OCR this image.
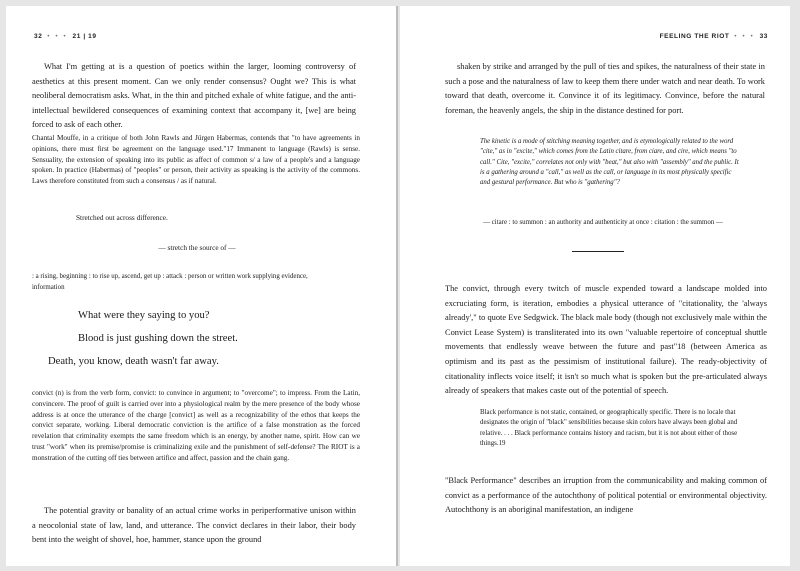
32 • • • 21 | 19

What I'm getting at is a question of poetics within the larger, looming controversy of aesthetics at this present moment. Can we only render consensus? Ought we? This is what neoliberal democratism asks. What, in the thin and pitched exhale of white fatigue, and the anti-intellectual bewildered consequences of examining context that accompany it, [we] are being forced to ask of each other.

Chantal Mouffe, in a critique of both John Rawls and Jürgen Habermas, contends that "to have agreements in opinions, there must first be agreement on the language used."17 Immanent to language (Rawls) is sense. Sensuality, the extension of speaking into its public as affect of common s/ a law of a people's and a language spoken. In practice (Habermas) of "peoples" or person, their activity as speaking is the activity of the commons. Laws therefore constituted from such a consensus / as if natural.

Stretched out across difference.

— stretch the source of —

: a rising, beginning : to rise up, ascend, get up : attack : person or written work supplying evidence, information

What were they saying to you?

Blood is just gushing down the street.

Death, you know, death wasn't far away.

convict (n) is from the verb form, convict: to convince in argument; to "overcome"; to impress. From the Latin, convincere. The proof of guilt is carried over into a physiological realm by the mere presence of the body whose address is at once the utterance of the charge [convict] as well as a recognizability of the ethos that keeps the convict separate, working. Liberal democratic conviction is the artifice of a false monstration as the forced revelation that criminality exempts the same freedom which is an energy, by another name, spirit. How can we trust "work" when its premise/promise is criminalizing exile and the punishment of self-defense? The RIOT is a monstration of the cutting off ties between artifice and affect, passion and the chain gang.

The potential gravity or banality of an actual crime works in periperformative unison within a neocolonial state of law, land, and utterance. The convict declares in their labor, their body bent into the weight of shovel, hoe, hammer, stance upon the ground

FEELING THE RIOT • • • 33

shaken by strike and arranged by the pull of ties and spikes, the naturalness of their state in such a pose and the naturalness of law to keep them there under watch and near death. To work toward that death, overcome it. Convince it of its legitimacy. Convince, before the natural foreman, the heavenly angels, the ship in the distance destined for port.

The kinetic is a mode of stitching meaning together, and is etymologically related to the word "cite," as in "excite," which comes from the Latin citare, from ciare, and cire, which means "to call." Cite, "excite," correlates not only with "beat," but also with "assembly" and the public. It is a gathering around a "call," as well as the call, or language in its most physically specific and gestural performance. But who is "gathering"?

— citare : to summon : an authority and authenticity at once : citation : the summon —

The convict, through every twitch of muscle expended toward a landscape molded into excruciating form, is iteration, embodies a physical utterance of "citationality, the 'always already'," to quote Eve Sedgwick. The black male body (though not exclusively male within the Convict Lease System) is transliterated into its own "valuable repertoire of conceptual shuttle movements that endlessly weave between the future and past"18 (between America as optimism and its past as the pessimism of institutional failure). The ready-objectivity of citationality inflects voice itself; it isn't so much what is spoken but the pre-articulated always already of speakers that makes caste out of the potential of speech.

Black performance is not static, contained, or geographically specific. There is no locale that designates the origin of "black" sensibilities because skin colors have always been global and relative. . . . Black performance contains history and racism, but it is not about either of those things.19

"Black Performance" describes an irruption from the communicability and making common of convict as a performance of the autochthony of political potential or environmental objectivity. Autochthony is an aboriginal manifestation, an indigene
